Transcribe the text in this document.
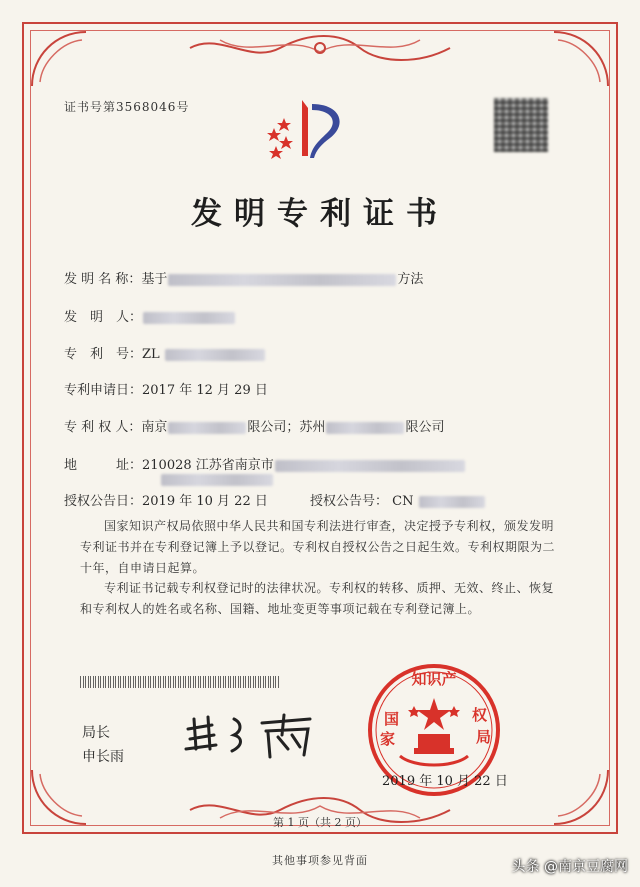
证书号第3568046号
发明专利证书
发 明 名 称：基于	方法
发　明　人：
专　利　号：ZL
专利申请日：2017 年 12 月 29 日
专 利 权 人：南京	限公司；苏州	限公司
地　　　址：210028 江苏省南京市
授权公告日：2019 年 10 月 22 日	授权公告号： CN
国家知识产权局依照中华人民共和国专利法进行审查，决定授予专利权，颁发发明专利证书并在专利登记簿上予以登记。专利权自授权公告之日起生效。专利权期限为二十年，自申请日起算。
专利证书记载专利权登记时的法律状况。专利权的转移、质押、无效、终止、恢复和专利权人的姓名或名称、国籍、地址变更等事项记载在专利登记簿上。
局长
申长雨
知识产
国
家
权
局
2019 年 10 月 22 日
第 1 页（共 2 页）
其他事项参见背面	头条 @南京豆腐网
